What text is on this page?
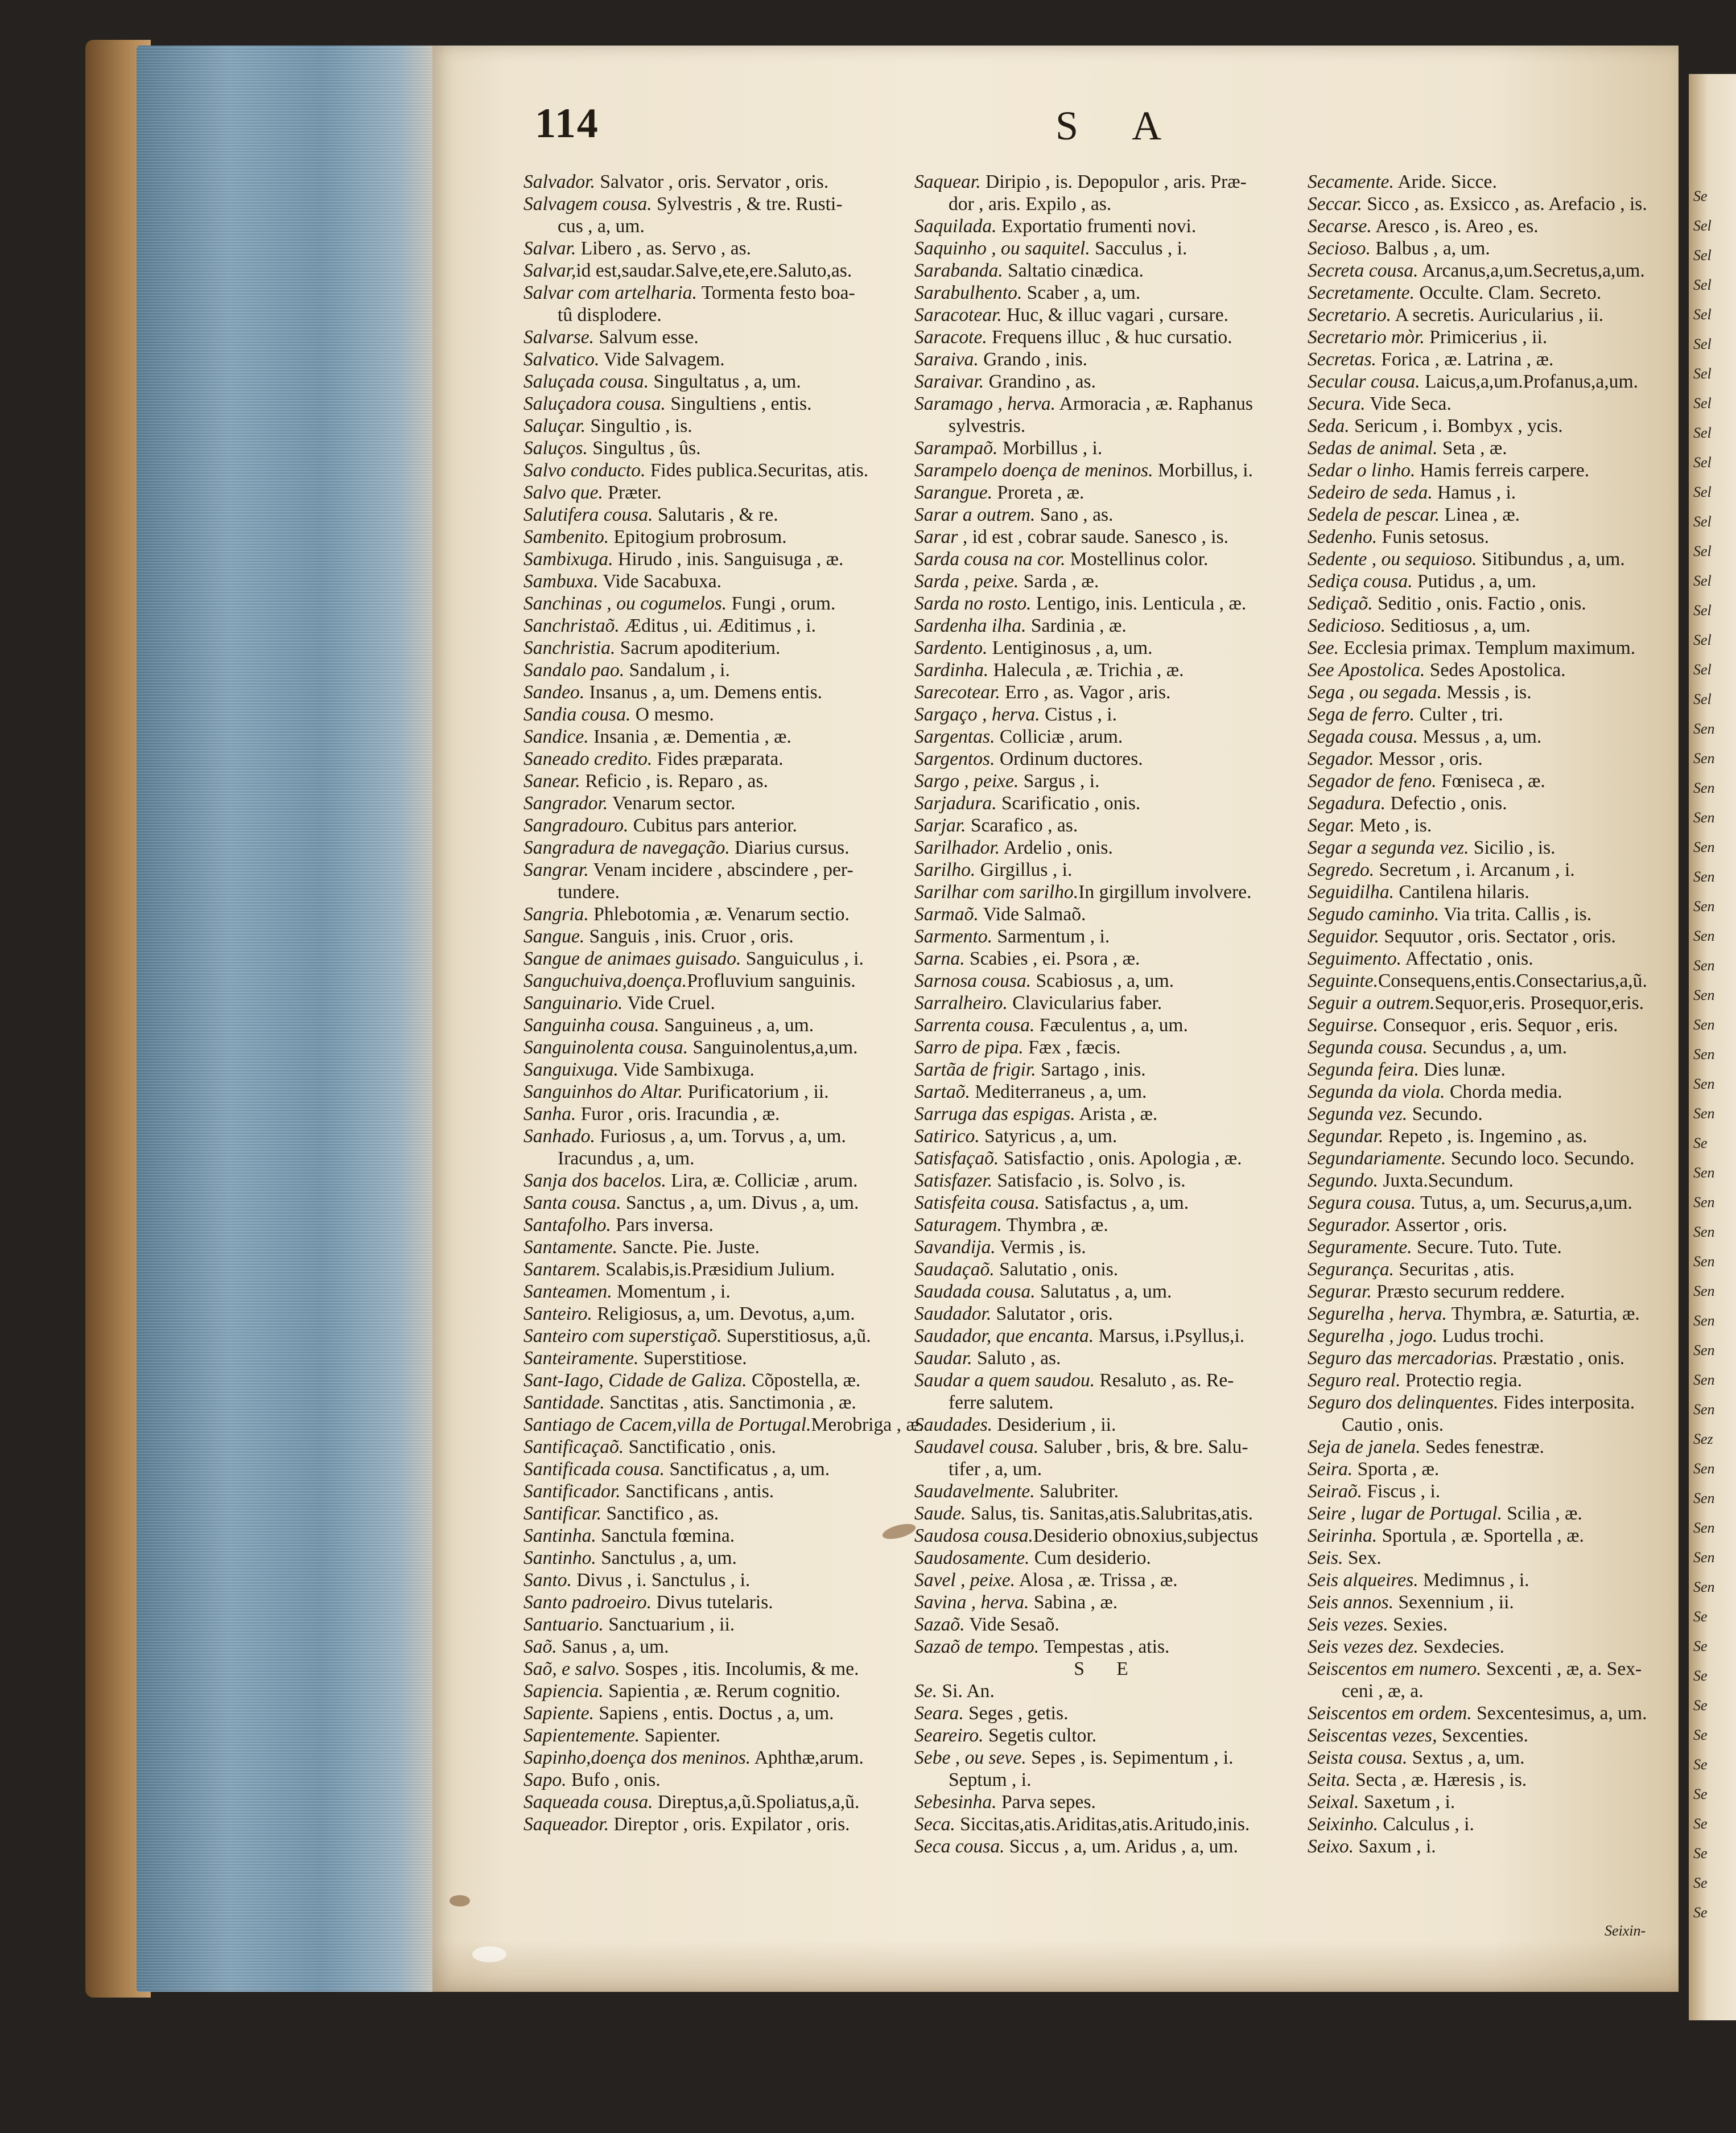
Se
Sel
Sel
Sel
Sel
Sel
Sel
Sel
Sel
Sel
Sel
Sel
Sel
Sel
Sel
Sel
Sel
Sel
Sen
Sen
Sen
Sen
Sen
Sen
Sen
Sen
Sen
Sen
Sen
Sen
Sen
Sen
Se
Sen
Sen
Sen
Sen
Sen
Sen
Sen
Sen
Sen
Sez
Sen
Sen
Sen
Sen
Sen
Se
Se
Se
Se
Se
Se
Se
Se
Se
Se
Se
114	S A

Salvador. Salvator , oris. Servator , oris.

Salvagem cousa. Sylvestris , & tre. Rusti-

cus , a, um.

Salvar. Libero , as. Servo , as.

Salvar,id est,saudar.Salve,ete,ere.Saluto,as.

Salvar com artelharia. Tormenta festo boa-

tû displodere.

Salvarse. Salvum esse.

Salvatico. Vide Salvagem.

Saluçada cousa. Singultatus , a, um.

Saluçadora cousa. Singultiens , entis.

Saluçar. Singultio , is.

Saluços. Singultus , ûs.

Salvo conducto. Fides publica.Securitas, atis.

Salvo que. Præter.

Salutifera cousa. Salutaris , & re.

Sambenito. Epitogium probrosum.

Sambixuga. Hirudo , inis. Sanguisuga , æ.

Sambuxa. Vide Sacabuxa.

Sanchinas , ou cogumelos. Fungi , orum.

Sanchristaõ. Æditus , ui. Æditimus , i.

Sanchristia. Sacrum apoditerium.

Sandalo pao. Sandalum , i.

Sandeo. Insanus , a, um. Demens entis.

Sandia cousa. O mesmo.

Sandice. Insania , æ. Dementia , æ.

Saneado credito. Fides præparata.

Sanear. Reficio , is. Reparo , as.

Sangrador. Venarum sector.

Sangradouro. Cubitus pars anterior.

Sangradura de navegação. Diarius cursus.

Sangrar. Venam incidere , abscindere , per-

tundere.

Sangria. Phlebotomia , æ. Venarum sectio.

Sangue. Sanguis , inis. Cruor , oris.

Sangue de animaes guisado. Sanguiculus , i.

Sanguchuiva,doença.Profluvium sanguinis.

Sanguinario. Vide Cruel.

Sanguinha cousa. Sanguineus , a, um.

Sanguinolenta cousa. Sanguinolentus,a,um.

Sanguixuga. Vide Sambixuga.

Sanguinhos do Altar. Purificatorium , ii.

Sanha. Furor , oris. Iracundia , æ.

Sanhado. Furiosus , a, um. Torvus , a, um.

Iracundus , a, um.

Sanja dos bacelos. Lira, æ. Colliciæ , arum.

Santa cousa. Sanctus , a, um. Divus , a, um.

Santafolho. Pars inversa.

Santamente. Sancte. Pie. Juste.

Santarem. Scalabis,is.Præsidium Julium.

Santeamen. Momentum , i.

Santeiro. Religiosus, a, um. Devotus, a,um.

Santeiro com superstiçaõ. Superstitiosus, a,ũ.

Santeiramente. Superstitiose.

Sant-Iago, Cidade de Galiza. Cõpostella, æ.

Santidade. Sanctitas , atis. Sanctimonia , æ.

Santiago de Cacem,villa de Portugal.Merobriga , æ.

Santificaçaõ. Sanctificatio , onis.

Santificada cousa. Sanctificatus , a, um.

Santificador. Sanctificans , antis.

Santificar. Sanctifico , as.

Santinha. Sanctula fœmina.

Santinho. Sanctulus , a, um.

Santo. Divus , i. Sanctulus , i.

Santo padroeiro. Divus tutelaris.

Santuario. Sanctuarium , ii.

Saõ. Sanus , a, um.

Saõ, e salvo. Sospes , itis. Incolumis, & me.

Sapiencia. Sapientia , æ. Rerum cognitio.

Sapiente. Sapiens , entis. Doctus , a, um.

Sapientemente. Sapienter.

Sapinho,doença dos meninos. Aphthæ,arum.

Sapo. Bufo , onis.

Saqueada cousa. Direptus,a,ũ.Spoliatus,a,ũ.

Saqueador. Direptor , oris. Expilator , oris.

Saquear. Diripio , is. Depopulor , aris. Præ-

dor , aris. Expilo , as.

Saquilada. Exportatio frumenti novi.

Saquinho , ou saquitel. Sacculus , i.

Sarabanda. Saltatio cinædica.

Sarabulhento. Scaber , a, um.

Saracotear. Huc, & illuc vagari , cursare.

Saracote. Frequens illuc , & huc cursatio.

Saraiva. Grando , inis.

Saraivar. Grandino , as.

Saramago , herva. Armoracia , æ. Raphanus

sylvestris.

Sarampaõ. Morbillus , i.

Sarampelo doença de meninos. Morbillus, i.

Sarangue. Proreta , æ.

Sarar a outrem. Sano , as.

Sarar , id est , cobrar saude. Sanesco , is.

Sarda cousa na cor. Mostellinus color.

Sarda , peixe. Sarda , æ.

Sarda no rosto. Lentigo, inis. Lenticula , æ.

Sardenha ilha. Sardinia , æ.

Sardento. Lentiginosus , a, um.

Sardinha. Halecula , æ. Trichia , æ.

Sarecotear. Erro , as. Vagor , aris.

Sargaço , herva. Cistus , i.

Sargentas. Colliciæ , arum.

Sargentos. Ordinum ductores.

Sargo , peixe. Sargus , i.

Sarjadura. Scarificatio , onis.

Sarjar. Scarafico , as.

Sarilhador. Ardelio , onis.

Sarilho. Girgillus , i.

Sarilhar com sarilho.In girgillum involvere.

Sarmaõ. Vide Salmaõ.

Sarmento. Sarmentum , i.

Sarna. Scabies , ei. Psora , æ.

Sarnosa cousa. Scabiosus , a, um.

Sarralheiro. Clavicularius faber.

Sarrenta cousa. Fæculentus , a, um.

Sarro de pipa. Fæx , fæcis.

Sartãa de frigir. Sartago , inis.

Sartaõ. Mediterraneus , a, um.

Sarruga das espigas. Arista , æ.

Satirico. Satyricus , a, um.

Satisfaçaõ. Satisfactio , onis. Apologia , æ.

Satisfazer. Satisfacio , is. Solvo , is.

Satisfeita cousa. Satisfactus , a, um.

Saturagem. Thymbra , æ.

Savandija. Vermis , is.

Saudaçaõ. Salutatio , onis.

Saudada cousa. Salutatus , a, um.

Saudador. Salutator , oris.

Saudador, que encanta. Marsus, i.Psyllus,i.

Saudar. Saluto , as.

Saudar a quem saudou. Resaluto , as. Re-

ferre salutem.

Saudades. Desiderium , ii.

Saudavel cousa. Saluber , bris, & bre. Salu-

tifer , a, um.

Saudavelmente. Salubriter.

Saude. Salus, tis. Sanitas,atis.Salubritas,atis.

Saudosa cousa.Desiderio obnoxius,subjectus

Saudosamente. Cum desiderio.

Savel , peixe. Alosa , æ. Trissa , æ.

Savina , herva. Sabina , æ.

Sazaõ. Vide Sesaõ.

Sazaõ de tempo. Tempestas , atis.

S E

Se. Si. An.

Seara. Seges , getis.

Seareiro. Segetis cultor.

Sebe , ou seve. Sepes , is. Sepimentum , i.

Septum , i.

Sebesinha. Parva sepes.

Seca. Siccitas,atis.Ariditas,atis.Aritudo,inis.

Seca cousa. Siccus , a, um. Aridus , a, um.

Secamente. Aride. Sicce.

Seccar. Sicco , as. Exsicco , as. Arefacio , is.

Secarse. Aresco , is. Areo , es.

Secioso. Balbus , a, um.

Secreta cousa. Arcanus,a,um.Secretus,a,um.

Secretamente. Occulte. Clam. Secreto.

Secretario. A secretis. Auricularius , ii.

Secretario mòr. Primicerius , ii.

Secretas. Forica , æ. Latrina , æ.

Secular cousa. Laicus,a,um.Profanus,a,um.

Secura. Vide Seca.

Seda. Sericum , i. Bombyx , ycis.

Sedas de animal. Seta , æ.

Sedar o linho. Hamis ferreis carpere.

Sedeiro de seda. Hamus , i.

Sedela de pescar. Linea , æ.

Sedenho. Funis setosus.

Sedente , ou sequioso. Sitibundus , a, um.

Sediça cousa. Putidus , a, um.

Sediçaõ. Seditio , onis. Factio , onis.

Sedicioso. Seditiosus , a, um.

See. Ecclesia primax. Templum maximum.

See Apostolica. Sedes Apostolica.

Sega , ou segada. Messis , is.

Sega de ferro. Culter , tri.

Segada cousa. Messus , a, um.

Segador. Messor , oris.

Segador de feno. Fœnisecа , æ.

Segadura. Defectio , onis.

Segar. Meto , is.

Segar a segunda vez. Sicilio , is.

Segredo. Secretum , i. Arcanum , i.

Seguidilha. Cantilena hilaris.

Segudo caminho. Via trita. Callis , is.

Seguidor. Sequutor , oris. Sectator , oris.

Seguimento. Affectatio , onis.

Seguinte.Consequens,entis.Consectarius,a,ũ.

Seguir a outrem.Sequor,eris. Prosequor,eris.

Seguirse. Consequor , eris. Sequor , eris.

Segunda cousa. Secundus , a, um.

Segunda feira. Dies lunæ.

Segunda da viola. Chorda media.

Segunda vez. Secundo.

Segundar. Repeto , is. Ingemino , as.

Segundariamente. Secundo loco. Secundo.

Segundo. Juxta.Secundum.

Segura cousa. Tutus, a, um. Securus,a,um.

Segurador. Assertor , oris.

Seguramente. Secure. Tuto. Tute.

Segurança. Securitas , atis.

Segurar. Præsto securum reddere.

Segurelha , herva. Thymbra, æ. Saturtia, æ.

Segurelha , jogo. Ludus trochi.

Seguro das mercadorias. Præstatio , onis.

Seguro real. Protectio regia.

Seguro dos delinquentes. Fides interposita.

Cautio , onis.

Seja de janela. Sedes fenestræ.

Seira. Sporta , æ.

Seiraõ. Fiscus , i.

Seire , lugar de Portugal. Scilia , æ.

Seirinha. Sportula , æ. Sportella , æ.

Seis. Sex.

Seis alqueires. Medimnus , i.

Seis annos. Sexennium , ii.

Seis vezes. Sexies.

Seis vezes dez. Sexdecies.

Seiscentos em numero. Sexcenti , æ, a. Sex-

ceni , æ, a.

Seiscentos em ordem. Sexcentesimus, a, um.

Seiscentas vezes, Sexcenties.

Seista cousa. Sextus , a, um.

Seita. Secta , æ. Hæresis , is.

Seixal. Saxetum , i.

Seixinho. Calculus , i.

Seixo. Saxum , i.

Seixin-
